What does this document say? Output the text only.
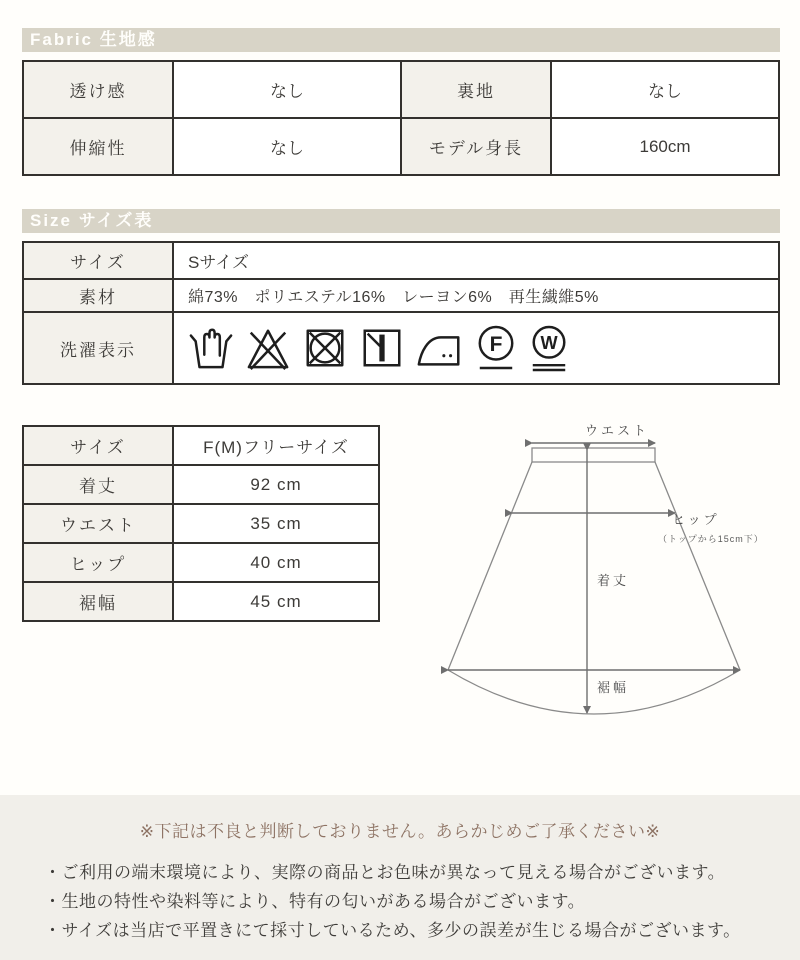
Fabric 生地感
透け感	なし	裏地	なし
伸縮性	なし	モデル身長	160cm
Size サイズ表
サイズ	Sサイズ
素材	綿73%　ポリエステル16%　レーヨン6%　再生繊維5%
洗濯表示	F W
サイズ	F(M)フリーサイズ
着丈	92 cm
ウエスト	35 cm
ヒップ	40 cm
裾幅	45 cm
ウエスト
ヒップ
（トップから15cm下）
着丈
裾幅
※下記は不良と判断しておりません。あらかじめご了承ください※
・ご利用の端末環境により、実際の商品とお色味が異なって見える場合がございます。
・生地の特性や染料等により、特有の匂いがある場合がございます。
・サイズは当店で平置きにて採寸しているため、多少の誤差が生じる場合がございます。
